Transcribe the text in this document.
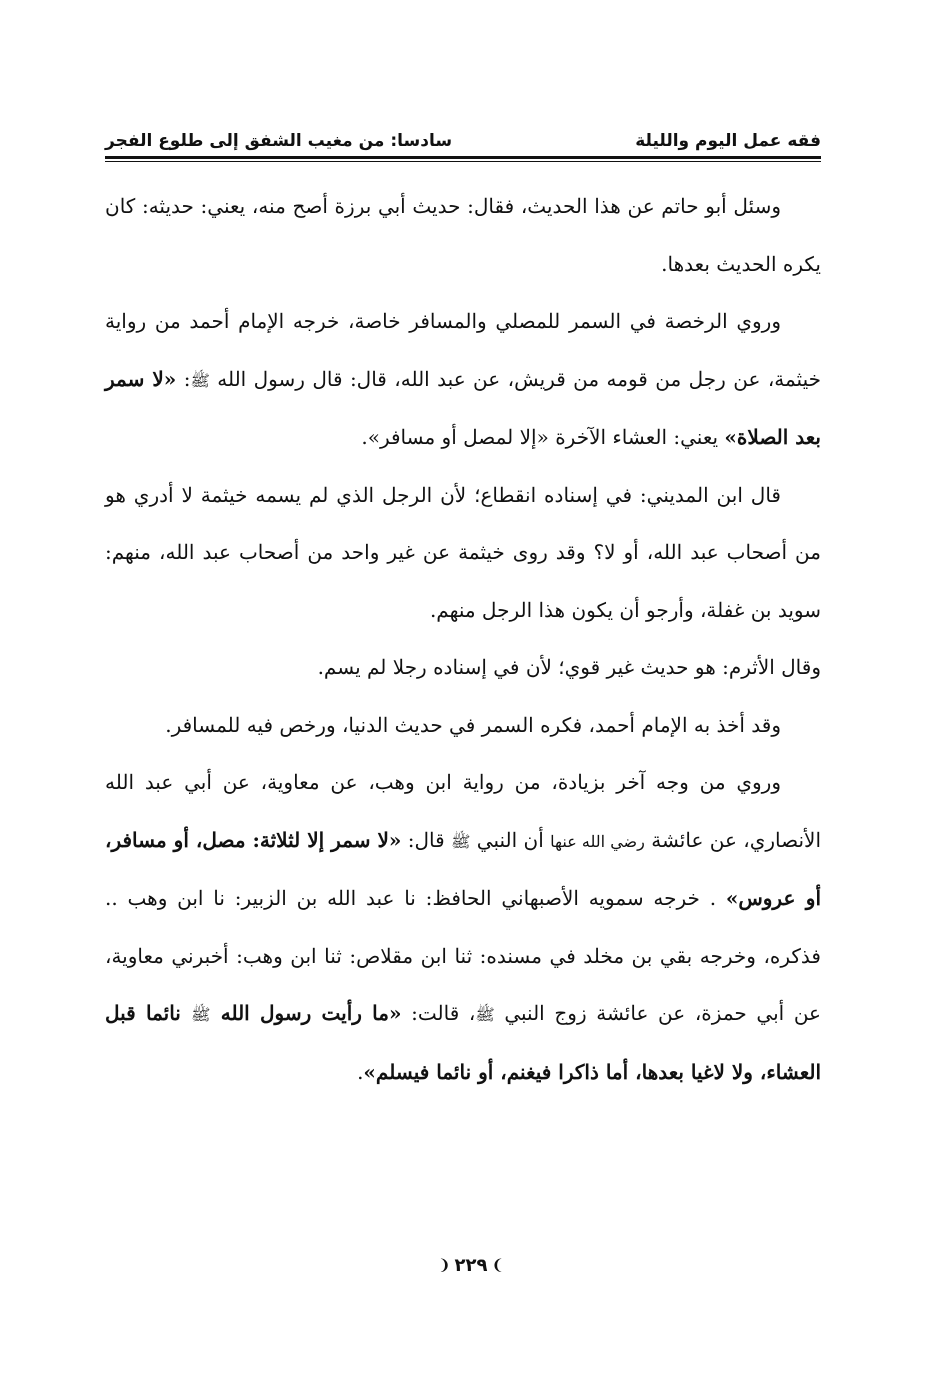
فقه عمل اليوم والليلة
سادسا: من مغيب الشفق إلى طلوع الفجر

وسئل أبو حاتم عن هذا الحديث، فقال: حديث أبي برزة أصح منه، يعني: حديثه: كان يكره الحديث بعدها.

وروي الرخصة في السمر للمصلي والمسافر خاصة، خرجه الإمام أحمد من رواية خيثمة، عن رجل من قومه من قريش، عن عبد الله، قال: قال رسول الله ﷺ: «لا سمر بعد الصلاة» يعني: العشاء الآخرة «إلا لمصل أو مسافر».

قال ابن المديني: في إسناده انقطاع؛ لأن الرجل الذي لم يسمه خيثمة لا أدري هو من أصحاب عبد الله، أو لا؟ وقد روى خيثمة عن غير واحد من أصحاب عبد الله، منهم: سويد بن غفلة، وأرجو أن يكون هذا الرجل منهم.

وقال الأثرم: هو حديث غير قوي؛ لأن في إسناده رجلا لم يسم.

وقد أخذ به الإمام أحمد، فكره السمر في حديث الدنيا، ورخص فيه للمسافر.

وروي من وجه آخر بزيادة، من رواية ابن وهب، عن معاوية، عن أبي عبد الله الأنصاري، عن عائشة رضي الله عنها أن النبي ﷺ قال: «لا سمر إلا لثلاثة: مصل، أو مسافر، أو عروس» . خرجه سمويه الأصبهاني الحافظ: نا عبد الله بن الزبير: نا ابن وهب .. فذكره، وخرجه بقي بن مخلد في مسنده: ثنا ابن مقلاص: ثنا ابن وهب: أخبرني معاوية، عن أبي حمزة، عن عائشة زوج النبي ﷺ، قالت: «ما رأيت رسول الله ﷺ نائما قبل العشاء، ولا لاغيا بعدها، أما ذاكرا فيغنم، أو نائما فيسلم».

❩
٢٢٩
❨
